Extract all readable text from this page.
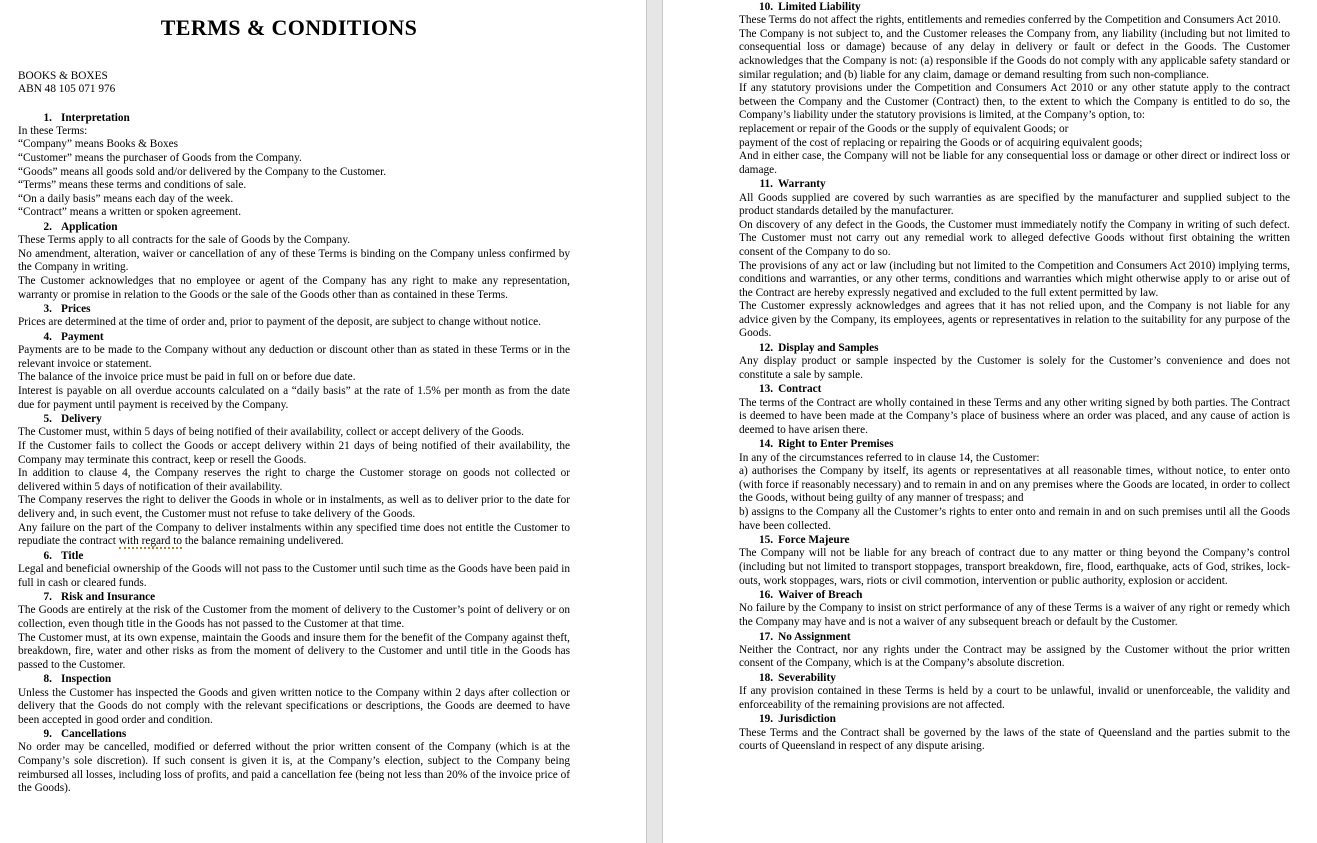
TERMS & CONDITIONS
BOOKS & BOXES
ABN 48 105 071 976
1. Interpretation

In these Terms:

“Company” means Books & Boxes

“Customer” means the purchaser of Goods from the Company.

“Goods” means all goods sold and/or delivered by the Company to the Customer.

“Terms” means these terms and conditions of sale.

“On a daily basis” means each day of the week.

“Contract” means a written or spoken agreement.

2. Application

These Terms apply to all contracts for the sale of Goods by the Company.

No amendment, alteration, waiver or cancellation of any of these Terms is binding on the Company unless confirmed by the Company in writing.

The Customer acknowledges that no employee or agent of the Company has any right to make any representation, warranty or promise in relation to the Goods or the sale of the Goods other than as contained in these Terms.

3. Prices

Prices are determined at the time of order and, prior to payment of the deposit, are subject to change without notice.

4. Payment

Payments are to be made to the Company without any deduction or discount other than as stated in these Terms or in the relevant invoice or statement.

The balance of the invoice price must be paid in full on or before due date.

Interest is payable on all overdue accounts calculated on a “daily basis” at the rate of 1.5% per month as from the date due for payment until payment is received by the Company.

5. Delivery

The Customer must, within 5 days of being notified of their availability, collect or accept delivery of the Goods.

If the Customer fails to collect the Goods or accept delivery within 21 days of being notified of their availability, the Company may terminate this contract, keep or resell the Goods.

In addition to clause 4, the Company reserves the right to charge the Customer storage on goods not collected or delivered within 5 days of notification of their availability.

The Company reserves the right to deliver the Goods in whole or in instalments, as well as to deliver prior to the date for delivery and, in such event, the Customer must not refuse to take delivery of the Goods.

Any failure on the part of the Company to deliver instalments within any specified time does not entitle the Customer to repudiate the contract with regard to the balance remaining undelivered.

6. Title

Legal and beneficial ownership of the Goods will not pass to the Customer until such time as the Goods have been paid in full in cash or cleared funds.

7. Risk and Insurance

The Goods are entirely at the risk of the Customer from the moment of delivery to the Customer’s point of delivery or on collection, even though title in the Goods has not passed to the Customer at that time.

The Customer must, at its own expense, maintain the Goods and insure them for the benefit of the Company against theft, breakdown, fire, water and other risks as from the moment of delivery to the Customer and until title in the Goods has passed to the Customer.

8. Inspection

Unless the Customer has inspected the Goods and given written notice to the Company within 2 days after collection or delivery that the Goods do not comply with the relevant specifications or descriptions, the Goods are deemed to have been accepted in good order and condition.

9. Cancellations

No order may be cancelled, modified or deferred without the prior written consent of the Company (which is at the Company’s sole discretion). If such consent is given it is, at the Company’s election, subject to the Company being reimbursed all losses, including loss of profits, and paid a cancellation fee (being not less than 20% of the invoice price of the Goods).

10. Limited Liability

These Terms do not affect the rights, entitlements and remedies conferred by the Competition and Consumers Act 2010.

The Company is not subject to, and the Customer releases the Company from, any liability (including but not limited to consequential loss or damage) because of any delay in delivery or fault or defect in the Goods. The Customer acknowledges that the Company is not: (a) responsible if the Goods do not comply with any applicable safety standard or similar regulation; and (b) liable for any claim, damage or demand resulting from such non-compliance.

If any statutory provisions under the Competition and Consumers Act 2010 or any other statute apply to the contract between the Company and the Customer (Contract) then, to the extent to which the Company is entitled to do so, the Company’s liability under the statutory provisions is limited, at the Company’s option, to:

replacement or repair of the Goods or the supply of equivalent Goods; or

payment of the cost of replacing or repairing the Goods or of acquiring equivalent goods;

And in either case, the Company will not be liable for any consequential loss or damage or other direct or indirect loss or damage.

11. Warranty

All Goods supplied are covered by such warranties as are specified by the manufacturer and supplied subject to the product standards detailed by the manufacturer.

On discovery of any defect in the Goods, the Customer must immediately notify the Company in writing of such defect. The Customer must not carry out any remedial work to alleged defective Goods without first obtaining the written consent of the Company to do so.

The provisions of any act or law (including but not limited to the Competition and Consumers Act 2010) implying terms, conditions and warranties, or any other terms, conditions and warranties which might otherwise apply to or arise out of the Contract are hereby expressly negatived and excluded to the full extent permitted by law.

The Customer expressly acknowledges and agrees that it has not relied upon, and the Company is not liable for any advice given by the Company, its employees, agents or representatives in relation to the suitability for any purpose of the Goods.

12. Display and Samples

Any display product or sample inspected by the Customer is solely for the Customer’s convenience and does not constitute a sale by sample.

13. Contract

The terms of the Contract are wholly contained in these Terms and any other writing signed by both parties. The Contract is deemed to have been made at the Company’s place of business where an order was placed, and any cause of action is deemed to have arisen there.

14. Right to Enter Premises

In any of the circumstances referred to in clause 14, the Customer:

a) authorises the Company by itself, its agents or representatives at all reasonable times, without notice, to enter onto (with force if reasonably necessary) and to remain in and on any premises where the Goods are located, in order to collect the Goods, without being guilty of any manner of trespass; and

b) assigns to the Company all the Customer’s rights to enter onto and remain in and on such premises until all the Goods have been collected.

15. Force Majeure

The Company will not be liable for any breach of contract due to any matter or thing beyond the Company’s control (including but not limited to transport stoppages, transport breakdown, fire, flood, earthquake, acts of God, strikes, lock-outs, work stoppages, wars, riots or civil commotion, intervention or public authority, explosion or accident.

16. Waiver of Breach

No failure by the Company to insist on strict performance of any of these Terms is a waiver of any right or remedy which the Company may have and is not a waiver of any subsequent breach or default by the Customer.

17. No Assignment

Neither the Contract, nor any rights under the Contract may be assigned by the Customer without the prior written consent of the Company, which is at the Company’s absolute discretion.

18. Severability

If any provision contained in these Terms is held by a court to be unlawful, invalid or unenforceable, the validity and enforceability of the remaining provisions are not affected.

19. Jurisdiction

These Terms and the Contract shall be governed by the laws of the state of Queensland and the parties submit to the courts of Queensland in respect of any dispute arising.
